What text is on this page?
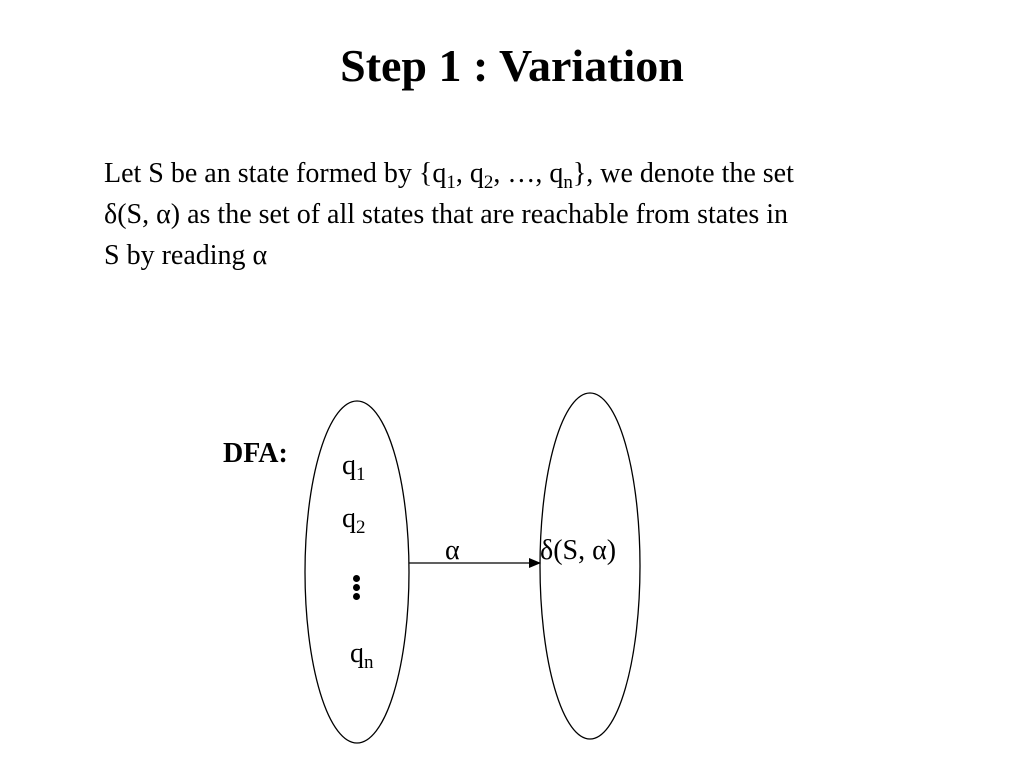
Step 1 : Variation
Let S be an state formed by {$q_1$, $q_2$, …, $q_n$}, we denote the set
δ(S, α) as the set of all states that are reachable from states in
S by reading α
DFA: $q_1$
$q_2$
$q_n$
α	δ(S, α)
